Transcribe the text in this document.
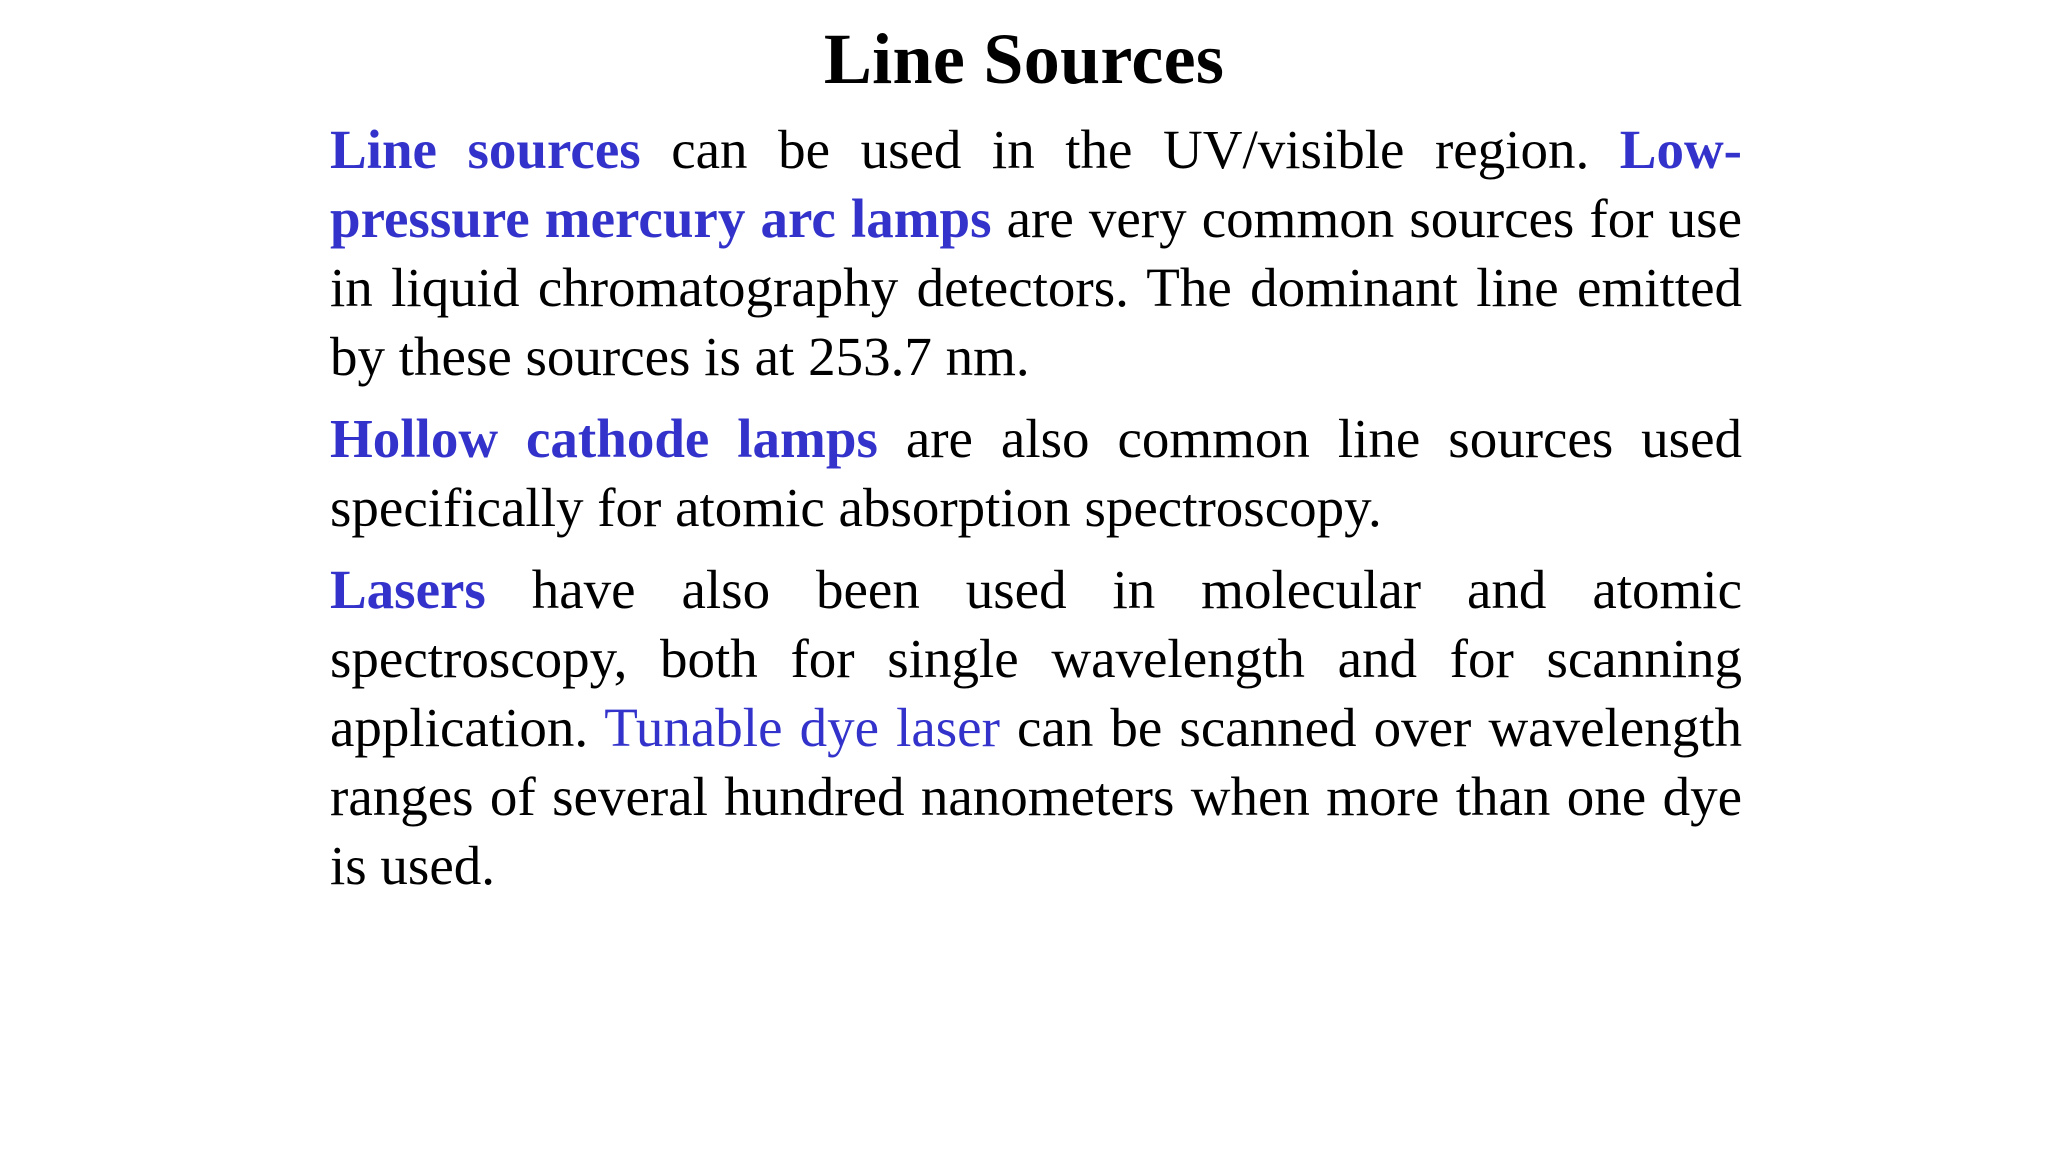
Line Sources

Line sources can be used in the UV/visible region. Low-pressure mercury arc lamps are very common sources for use in liquid chromatography detectors. The dominant line emitted by these sources is at 253.7 nm.

Hollow cathode lamps are also common line sources used specifically for atomic absorption spectroscopy.

Lasers have also been used in molecular and atomic spectroscopy, both for single wavelength and for scanning application. Tunable dye laser can be scanned over wavelength ranges of several hundred nanometers when more than one dye is used.
